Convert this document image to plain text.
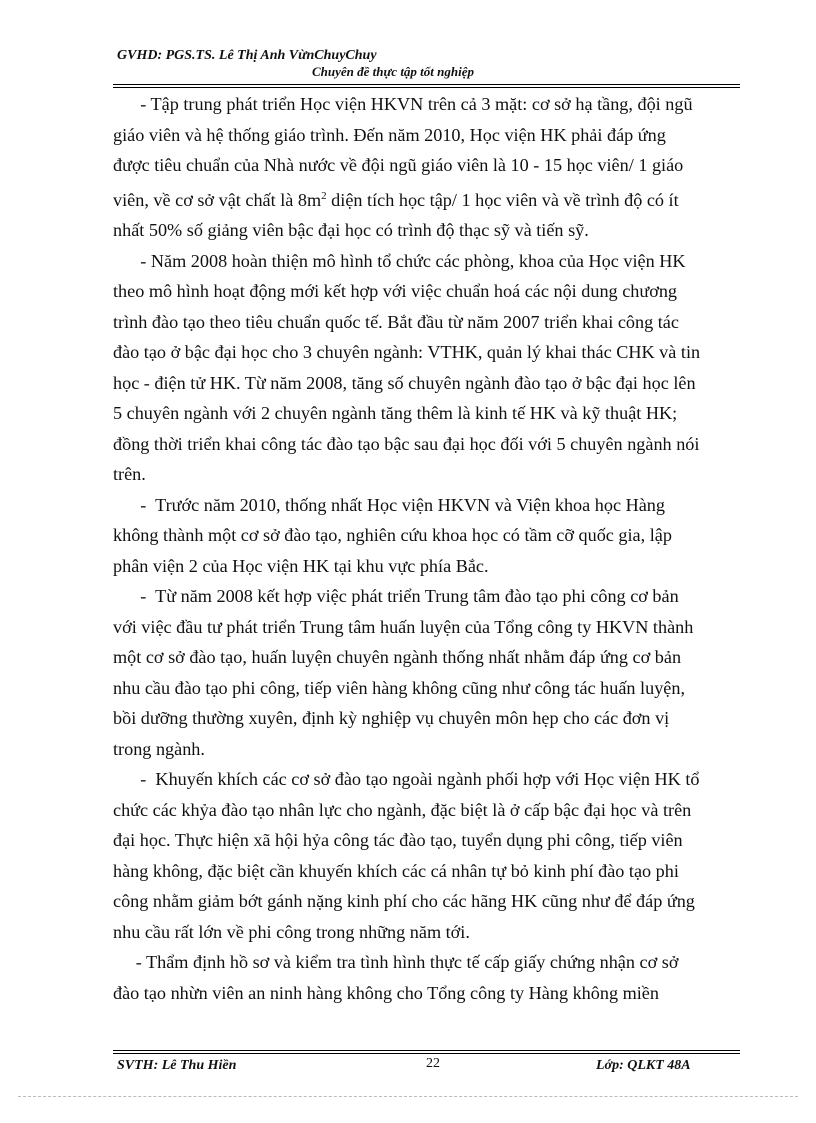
GVHD: PGS.TS. Lê Thị Anh VừnChuyChuy
Chuyên đề thực tập tốt nghiệp

- Tập trung phát triển Học viện HKVN trên cả 3 mặt: cơ sở hạ tầng, đội ngũ
giáo viên và hệ thống giáo trình. Đến năm 2010, Học viện HK phải đáp ứng
được tiêu chuẩn của Nhà nước về đội ngũ giáo viên là 10 - 15 học viên/ 1 giáo
viên, về cơ sở vật chất là $8m^2$ diện tích học tập/ 1 học viên và về trình độ có ít
nhất 50% số giảng viên bậc đại học có trình độ thạc sỹ và tiến sỹ.

- Năm 2008 hoàn thiện mô hình tổ chức các phòng, khoa của Học viện HK
theo mô hình hoạt động mới kết hợp với việc chuẩn hoá các nội dung chương
trình đào tạo theo tiêu chuẩn quốc tế. Bắt đầu từ năm 2007 triển khai công tác
đào tạo ở bậc đại học cho 3 chuyên ngành: VTHK, quản lý khai thác CHK và tin
học - điện tử HK. Từ năm 2008, tăng số chuyên ngành đào tạo ở bậc đại học lên
5 chuyên ngành với 2 chuyên ngành tăng thêm là kinh tế HK và kỹ thuật HK;
đồng thời triển khai công tác đào tạo bậc sau đại học đối với 5 chuyên ngành nói
trên.

-  Trước năm 2010, thống nhất Học viện HKVN và Viện khoa học Hàng
không thành một cơ sở đào tạo, nghiên cứu khoa học có tầm cỡ quốc gia, lập
phân viện 2 của Học viện HK tại khu vực phía Bắc.

-  Từ năm 2008 kết hợp việc phát triển Trung tâm đào tạo phi công cơ bản
với việc đầu tư phát triển Trung tâm huấn luyện của Tổng công ty HKVN thành
một cơ sở đào tạo, huấn luyện chuyên ngành thống nhất nhằm đáp ứng cơ bản
nhu cầu đào tạo phi công, tiếp viên hàng không cũng như công tác huấn luyện,
bồi dưỡng thường xuyên, định kỳ nghiệp vụ chuyên môn hẹp cho các đơn vị
trong ngành.

-  Khuyến khích các cơ sở đào tạo ngoài ngành phối hợp với Học viện HK tổ
chức các khỷa đào tạo nhân lực cho ngành, đặc biệt là ở cấp bậc đại học và trên
đại học. Thực hiện xã hội hỷa công tác đào tạo, tuyển dụng phi công, tiếp viên
hàng không, đặc biệt cần khuyến khích các cá nhân tự bỏ kinh phí đào tạo phi
công nhằm giảm bớt gánh nặng kinh phí cho các hãng HK cũng như để đáp ứng
nhu cầu rất lớn về phi công trong những năm tới.

- Thẩm định hồ sơ và kiểm tra tình hình thực tế cấp giấy chứng nhận cơ sở
đào tạo nhừn viên an ninh hàng không cho Tổng công ty Hàng không miền

SVTH: Lê Thu Hiền	22	Lớp: QLKT 48A
